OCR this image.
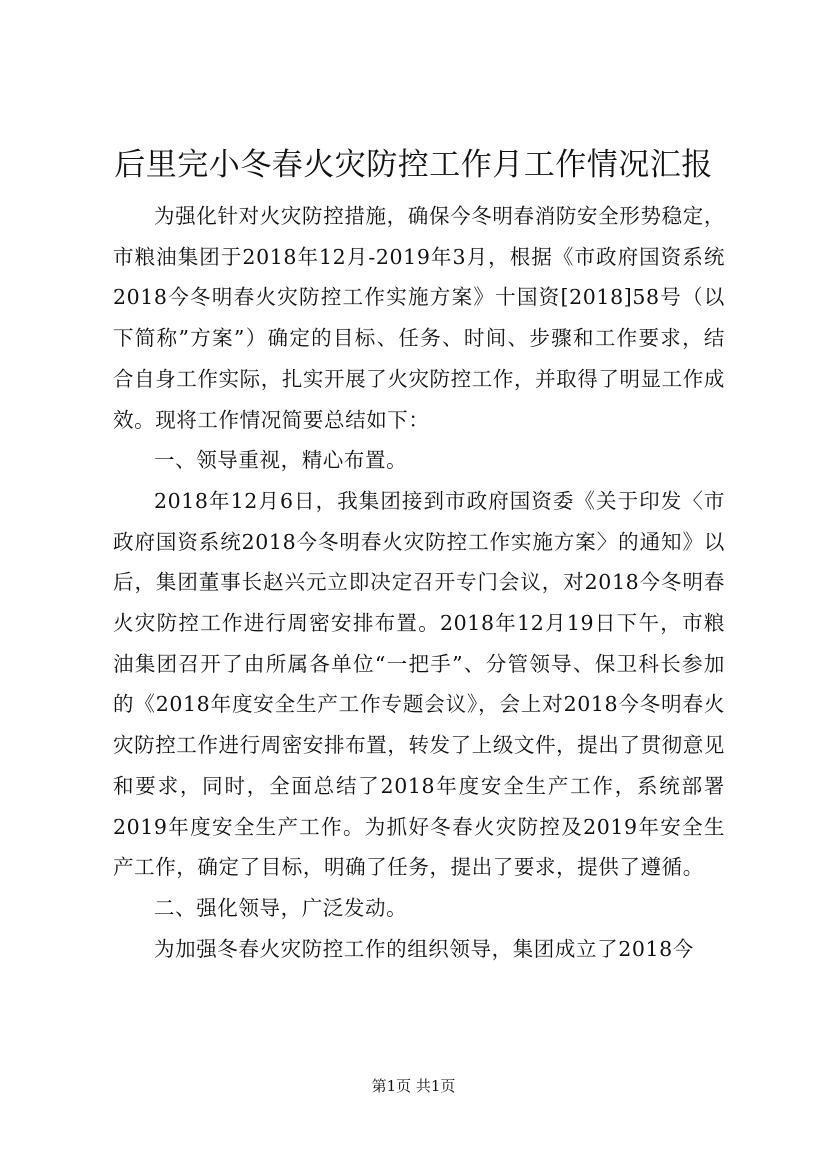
后里完小冬春火灾防控工作月工作情况汇报

为强化针对火灾防控措施，确保今冬明春消防安全形势稳定，市粮油集团于2018年12月-2019年3月，根据《市政府国资系统2018今冬明春火灾防控工作实施方案》十国资[2018]58号（以下简称”方案”）确定的目标、任务、时间、步骤和工作要求，结合自身工作实际，扎实开展了火灾防控工作，并取得了明显工作成效。现将工作情况简要总结如下：

一、领导重视，精心布置。

2018年12月6日，我集团接到市政府国资委《关于印发〈市政府国资系统2018今冬明春火灾防控工作实施方案〉的通知》以后，集团董事长赵兴元立即决定召开专门会议，对2018今冬明春火灾防控工作进行周密安排布置。2018年12月19日下午，市粮油集团召开了由所属各单位“一把手”、分管领导、保卫科长参加的《2018年度安全生产工作专题会议》，会上对2018今冬明春火灾防控工作进行周密安排布置，转发了上级文件，提出了贯彻意见和要求，同时，全面总结了2018年度安全生产工作，系统部署2019年度安全生产工作。为抓好冬春火灾防控及2019年安全生产工作，确定了目标，明确了任务，提出了要求，提供了遵循。

二、强化领导，广泛发动。

为加强冬春火灾防控工作的组织领导，集团成立了2018今

第1页 共1页
